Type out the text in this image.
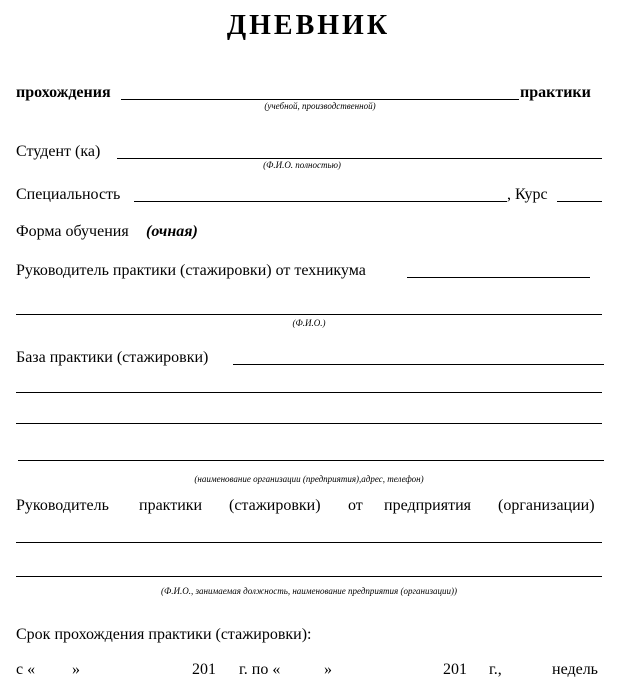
ДНЕВНИК
прохождения	практики
(учебной, производственной)
Студент (ка)
(Ф.И.О. полностью)
Специальность	, Курс
Форма обучения (очная)
Руководитель практики (стажировки) от техникума
(Ф.И.О.)
База практики (стажировки)
(наименование организации (предприятия),адрес, телефон)
Руководитель практики (стажировки) от предприятия (организации)
(Ф.И.О., занимаемая должность, наименование предприятия (организации))
Срок прохождения практики (стажировки):
с « »	201 г. по «	»	201 г.,	недель
